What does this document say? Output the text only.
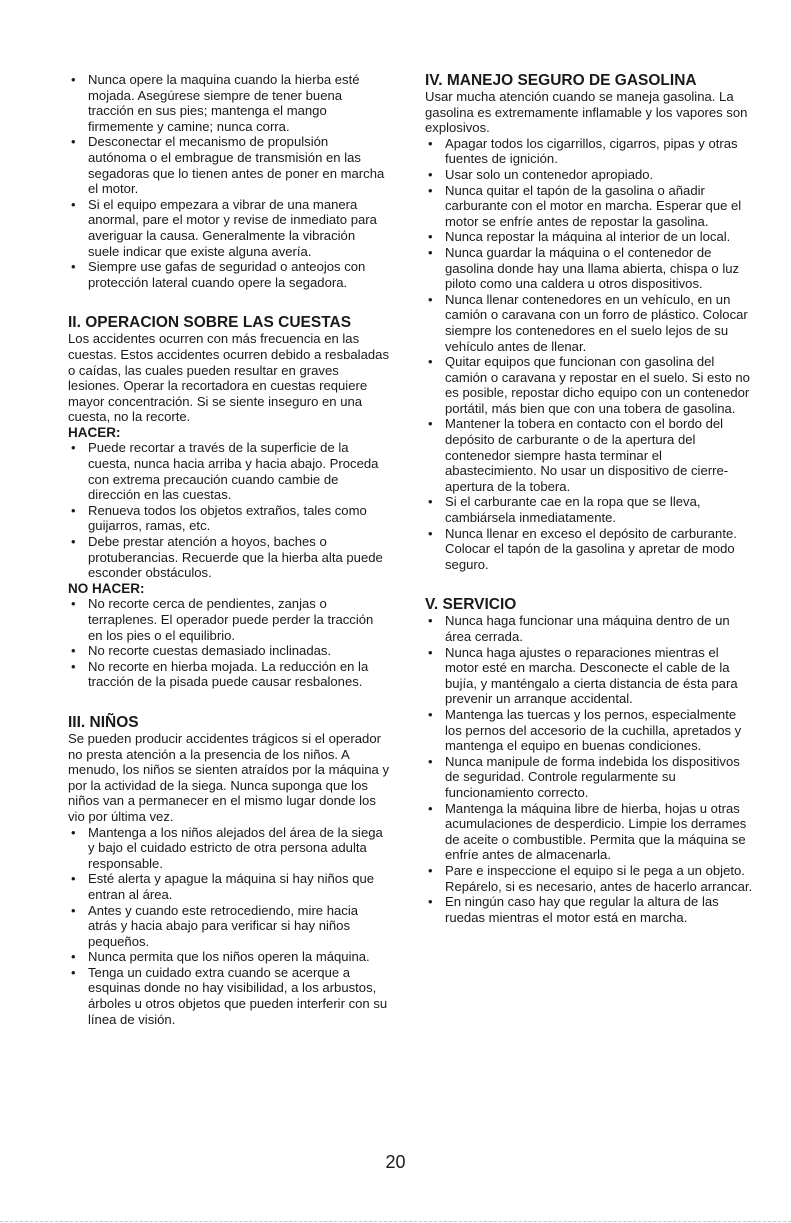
• Nunca opere la maquina cuando la hierba esté mojada. Asegúrese siempre de tener buena tracción en sus pies; mantenga el mango firmemente y camine; nunca corra.
• Desconectar el mecanismo de propulsión autónoma o el embrague de transmisión en las segadoras que lo tienen antes de poner en marcha el motor.
• Si el equipo empezara a vibrar de una manera anormal, pare el motor y revise de inmediato para averiguar la causa. Generalmente la vibración suele indicar que existe alguna avería.
• Siempre use gafas de seguridad o anteojos con protección lateral cuando opere la segadora.
II. OPERACION SOBRE LAS CUESTAS

Los accidentes ocurren con más frecuencia en las cuestas. Estos accidentes ocurren debido a resbaladas o caídas, las cuales pueden resultar en graves lesiones. Operar la recortadora en cuestas requiere mayor concentración. Si se siente inseguro en una cuesta, no la recorte.

HACER:

• Puede recortar a través de la superficie de la cuesta, nunca hacia arriba y hacia abajo. Proceda con extrema precaución cuando cambie de dirección en las cuestas.
• Renueva todos los objetos extraños, tales como guijarros, ramas, etc.
• Debe prestar atención a hoyos, baches o protuberancias. Recuerde que la hierba alta puede esconder obstáculos.

NO HACER:

• No recorte cerca de pendientes, zanjas o terraplenes. El operador puede perder la tracción en los pies o el equilibrio.
• No recorte cuestas demasiado inclinadas.
• No recorte en hierba mojada. La reducción en la tracción de la pisada puede causar resbalones.
III. NIÑOS

Se pueden producir accidentes trágicos si el operador no presta atención a la presencia de los niños. A menudo, los niños se sienten atraídos por la máquina y por la actividad de la siega. Nunca suponga que los niños van a permanecer en el mismo lugar donde los vio por última vez.

• Mantenga a los niños alejados del área de la siega y bajo el cuidado estricto de otra persona adulta responsable.
• Esté alerta y apague la máquina si hay niños que entran al área.
• Antes y cuando este retrocediendo, mire hacia atrás y hacia abajo para verificar si hay niños pequeños.
• Nunca permita que los niños operen la máquina.
• Tenga un cuidado extra cuando se acerque a esquinas donde no hay visibilidad, a los arbustos, árboles u otros objetos que pueden interferir con su línea de visión.
IV. MANEJO SEGURO DE GASOLINA

Usar mucha atención cuando se maneja gasolina. La gasolina es extremamente inflamable y los vapores son explosivos.

• Apagar todos los cigarrillos, cigarros, pipas y otras fuentes de ignición.
• Usar solo un contenedor apropiado.
• Nunca quitar el tapón de la gasolina o añadir carburante con el motor en marcha. Esperar que el motor se enfríe antes de repostar la gasolina.
• Nunca repostar la máquina al interior de un local.
• Nunca guardar la máquina o el contenedor de gasolina donde hay una llama abierta, chispa o luz piloto como una caldera u otros dispositivos.
• Nunca llenar contenedores en un vehículo, en un camión o caravana con un forro de plástico. Colocar siempre los contenedores en el suelo lejos de su vehículo antes de llenar.
• Quitar equipos que funcionan con gasolina del camión o caravana y repostar en el suelo. Si esto no es posible, repostar dicho equipo con un contenedor portátil, más bien que con una tobera de gasolina.
• Mantener la tobera en contacto con el bordo del depósito de carburante o de la apertura del contenedor siempre hasta terminar el abastecimiento. No usar un dispositivo de cierre-apertura de la tobera.
• Si el carburante cae en la ropa que se lleva, cambiársela inmediatamente.
• Nunca llenar en exceso el depósito de carburante. Colocar el tapón de la gasolina y apretar de modo seguro.
V. SERVICIO
• Nunca haga funcionar una máquina dentro de un área cerrada.
• Nunca haga ajustes o reparaciones mientras el motor esté en marcha. Desconecte el cable de la bujía, y manténgalo a cierta distancia de ésta para prevenir un arranque accidental.
• Mantenga las tuercas y los pernos, especialmente los pernos del accesorio de la cuchilla, apretados y mantenga el equipo en buenas condiciones.
• Nunca manipule de forma indebida los dispositivos de seguridad. Controle regularmente su funcionamiento correcto.
• Mantenga la máquina libre de hierba, hojas u otras acumulaciones de desperdicio. Limpie los derrames de aceite o combustible. Permita que la máquina se enfríe antes de almacenarla.
• Pare e inspeccione el equipo si le pega a un objeto. Repárelo, si es necesario, antes de hacerlo arrancar.
• En ningún caso hay que regular la altura de las ruedas mientras el motor está en marcha.
20
